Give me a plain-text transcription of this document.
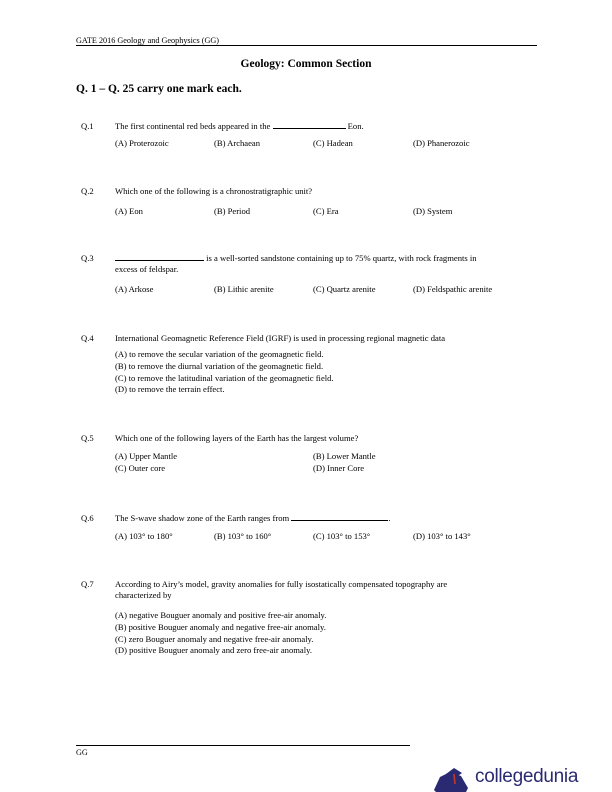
GATE 2016 Geology and Geophysics (GG)
Geology: Common Section
Q. 1 – Q. 25 carry one mark each.
Q.1 The first continental red beds appeared in the	Eon.
(A) Proterozoic	(B) Archaean	(C) Hadean	(D) Phanerozoic
Q.2 Which one of the following is a chronostratigraphic unit?
(A) Eon	(B) Period	(C) Era	(D) System
Q.3	is a well-sorted sandstone containing up to 75% quartz, with rock fragments in
excess of feldspar.
(A) Arkose	(B) Lithic arenite	(C) Quartz arenite	(D) Feldspathic arenite
Q.4 International Geomagnetic Reference Field (IGRF) is used in processing regional magnetic data
(A) to remove the secular variation of the geomagnetic field.
(B) to remove the diurnal variation of the geomagnetic field.
(C) to remove the latitudinal variation of the geomagnetic field.
(D) to remove the terrain effect.
Q.5 Which one of the following layers of the Earth has the largest volume?
(A) Upper Mantle	(B) Lower Mantle
(C) Outer core	(D) Inner Core
Q.6 The S-wave shadow zone of the Earth ranges from	.
(A) 103° to 180°	(B) 103° to 160°	(C) 103° to 153°	(D) 103° to 143°
Q.7 According to Airy’s model, gravity anomalies for fully isostatically compensated topography are
characterized by
(A) negative Bouguer anomaly and positive free-air anomaly.
(B) positive Bouguer anomaly and negative free-air anomaly.
(C) zero Bouguer anomaly and negative free-air anomaly.
(D) positive Bouguer anomaly and zero free-air anomaly.
GG
collegedunia
